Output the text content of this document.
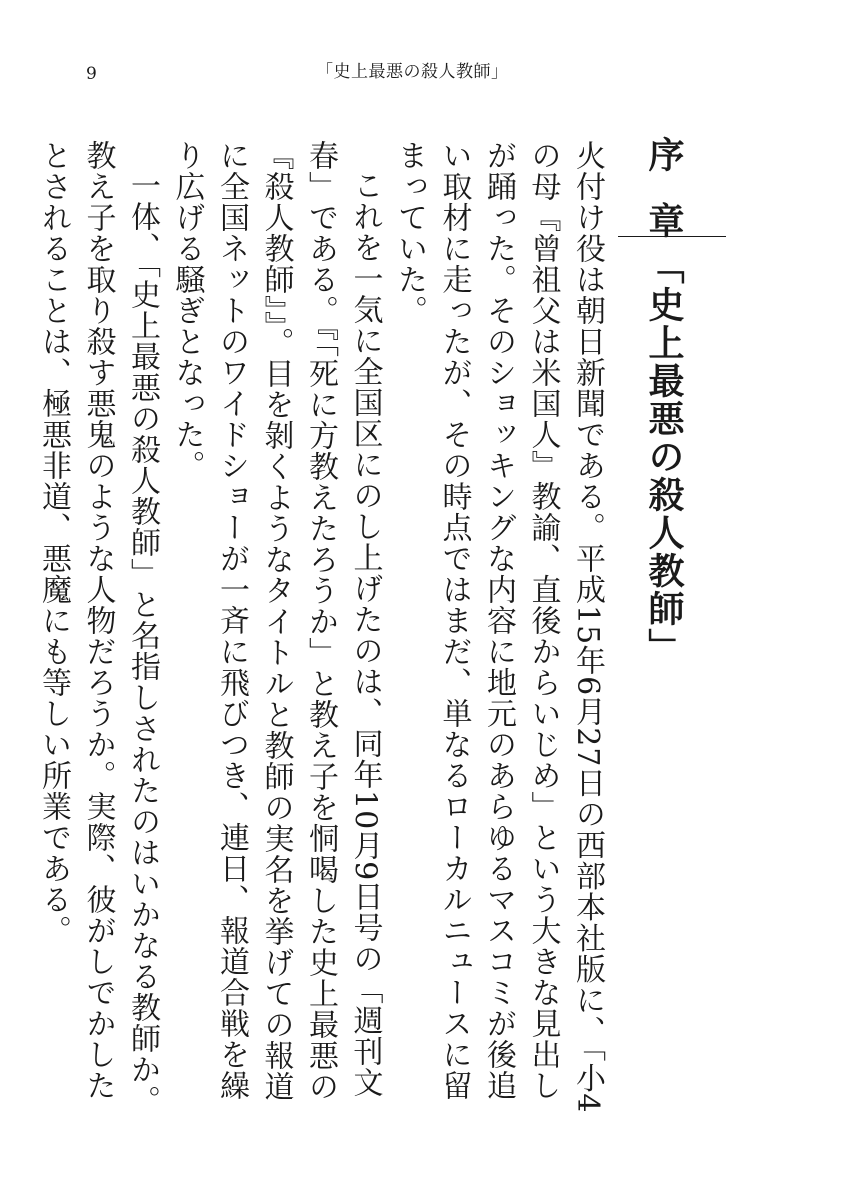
9	「史上最悪の殺人教師」
序章
「史上最悪の殺人教師」

火付け役は朝日新聞である。平成15年6月27日の西部本社版に、「小4の母『曾祖父は米国人』教諭、直後からいじめ」という大きな見出しが踊った。そのショッキングな内容に地元のあらゆるマスコミが後追い取材に走ったが、その時点ではまだ、単なるローカルニュースに留まっていた。

これを一気に全国区にのし上げたのは、同年10月9日号の「週刊文春」である。『「死に方教えたろうか」と教え子を恫喝した史上最悪の『殺人教師』』。目を剝くようなタイトルと教師の実名を挙げての報道に全国ネットのワイドショーが一斉に飛びつき、連日、報道合戦を繰り広げる騒ぎとなった。

一体、「史上最悪の殺人教師」と名指しされたのはいかなる教師か。教え子を取り殺す悪鬼のような人物だろうか。実際、彼がしでかしたとされることは、極悪非道、悪魔にも等しい所業である。
